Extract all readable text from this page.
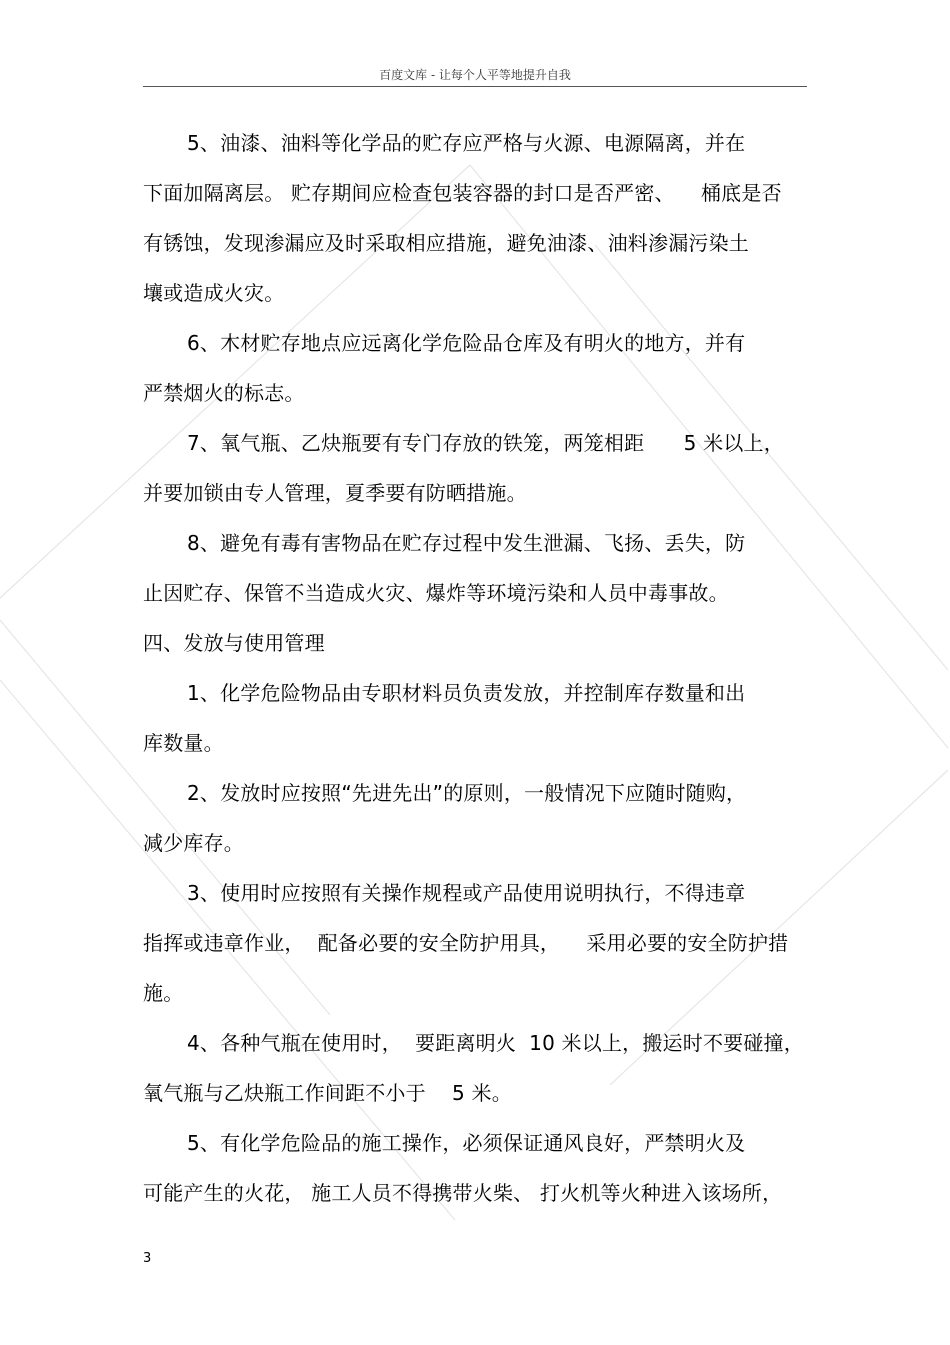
百度文库 - 让每个人平等地提升自我
5、油漆、油料等化学品的贮存应严格与火源、电源隔离，并在
下面加隔离层。 贮存期间应检查包装容器的封口是否严密、    桶底是否
有锈蚀，发现渗漏应及时采取相应措施，避免油漆、油料渗漏污染土
壤或造成火灾。
6、木材贮存地点应远离化学危险品仓库及有明火的地方，并有
严禁烟火的标志。
7、氧气瓶、乙炔瓶要有专门存放的铁笼，两笼相距      5 米以上，
并要加锁由专人管理，夏季要有防晒措施。
8、避免有毒有害物品在贮存过程中发生泄漏、飞扬、丢失，防
止因贮存、保管不当造成火灾、爆炸等环境污染和人员中毒事故。
四、发放与使用管理
1、化学危险物品由专职材料员负责发放，并控制库存数量和出
库数量。
2、发放时应按照“先进先出”的原则，一般情况下应随时随购，
减少库存。
3、使用时应按照有关操作规程或产品使用说明执行，不得违章
指挥或违章作业，  配备必要的安全防护用具，    采用必要的安全防护措
施。
4、各种气瓶在使用时，  要距离明火  10 米以上，搬运时不要碰撞，
氧气瓶与乙炔瓶工作间距不小于    5 米。
5、有化学危险品的施工操作，必须保证通风良好，严禁明火及
可能产生的火花， 施工人员不得携带火柴、 打火机等火种进入该场所，
3
